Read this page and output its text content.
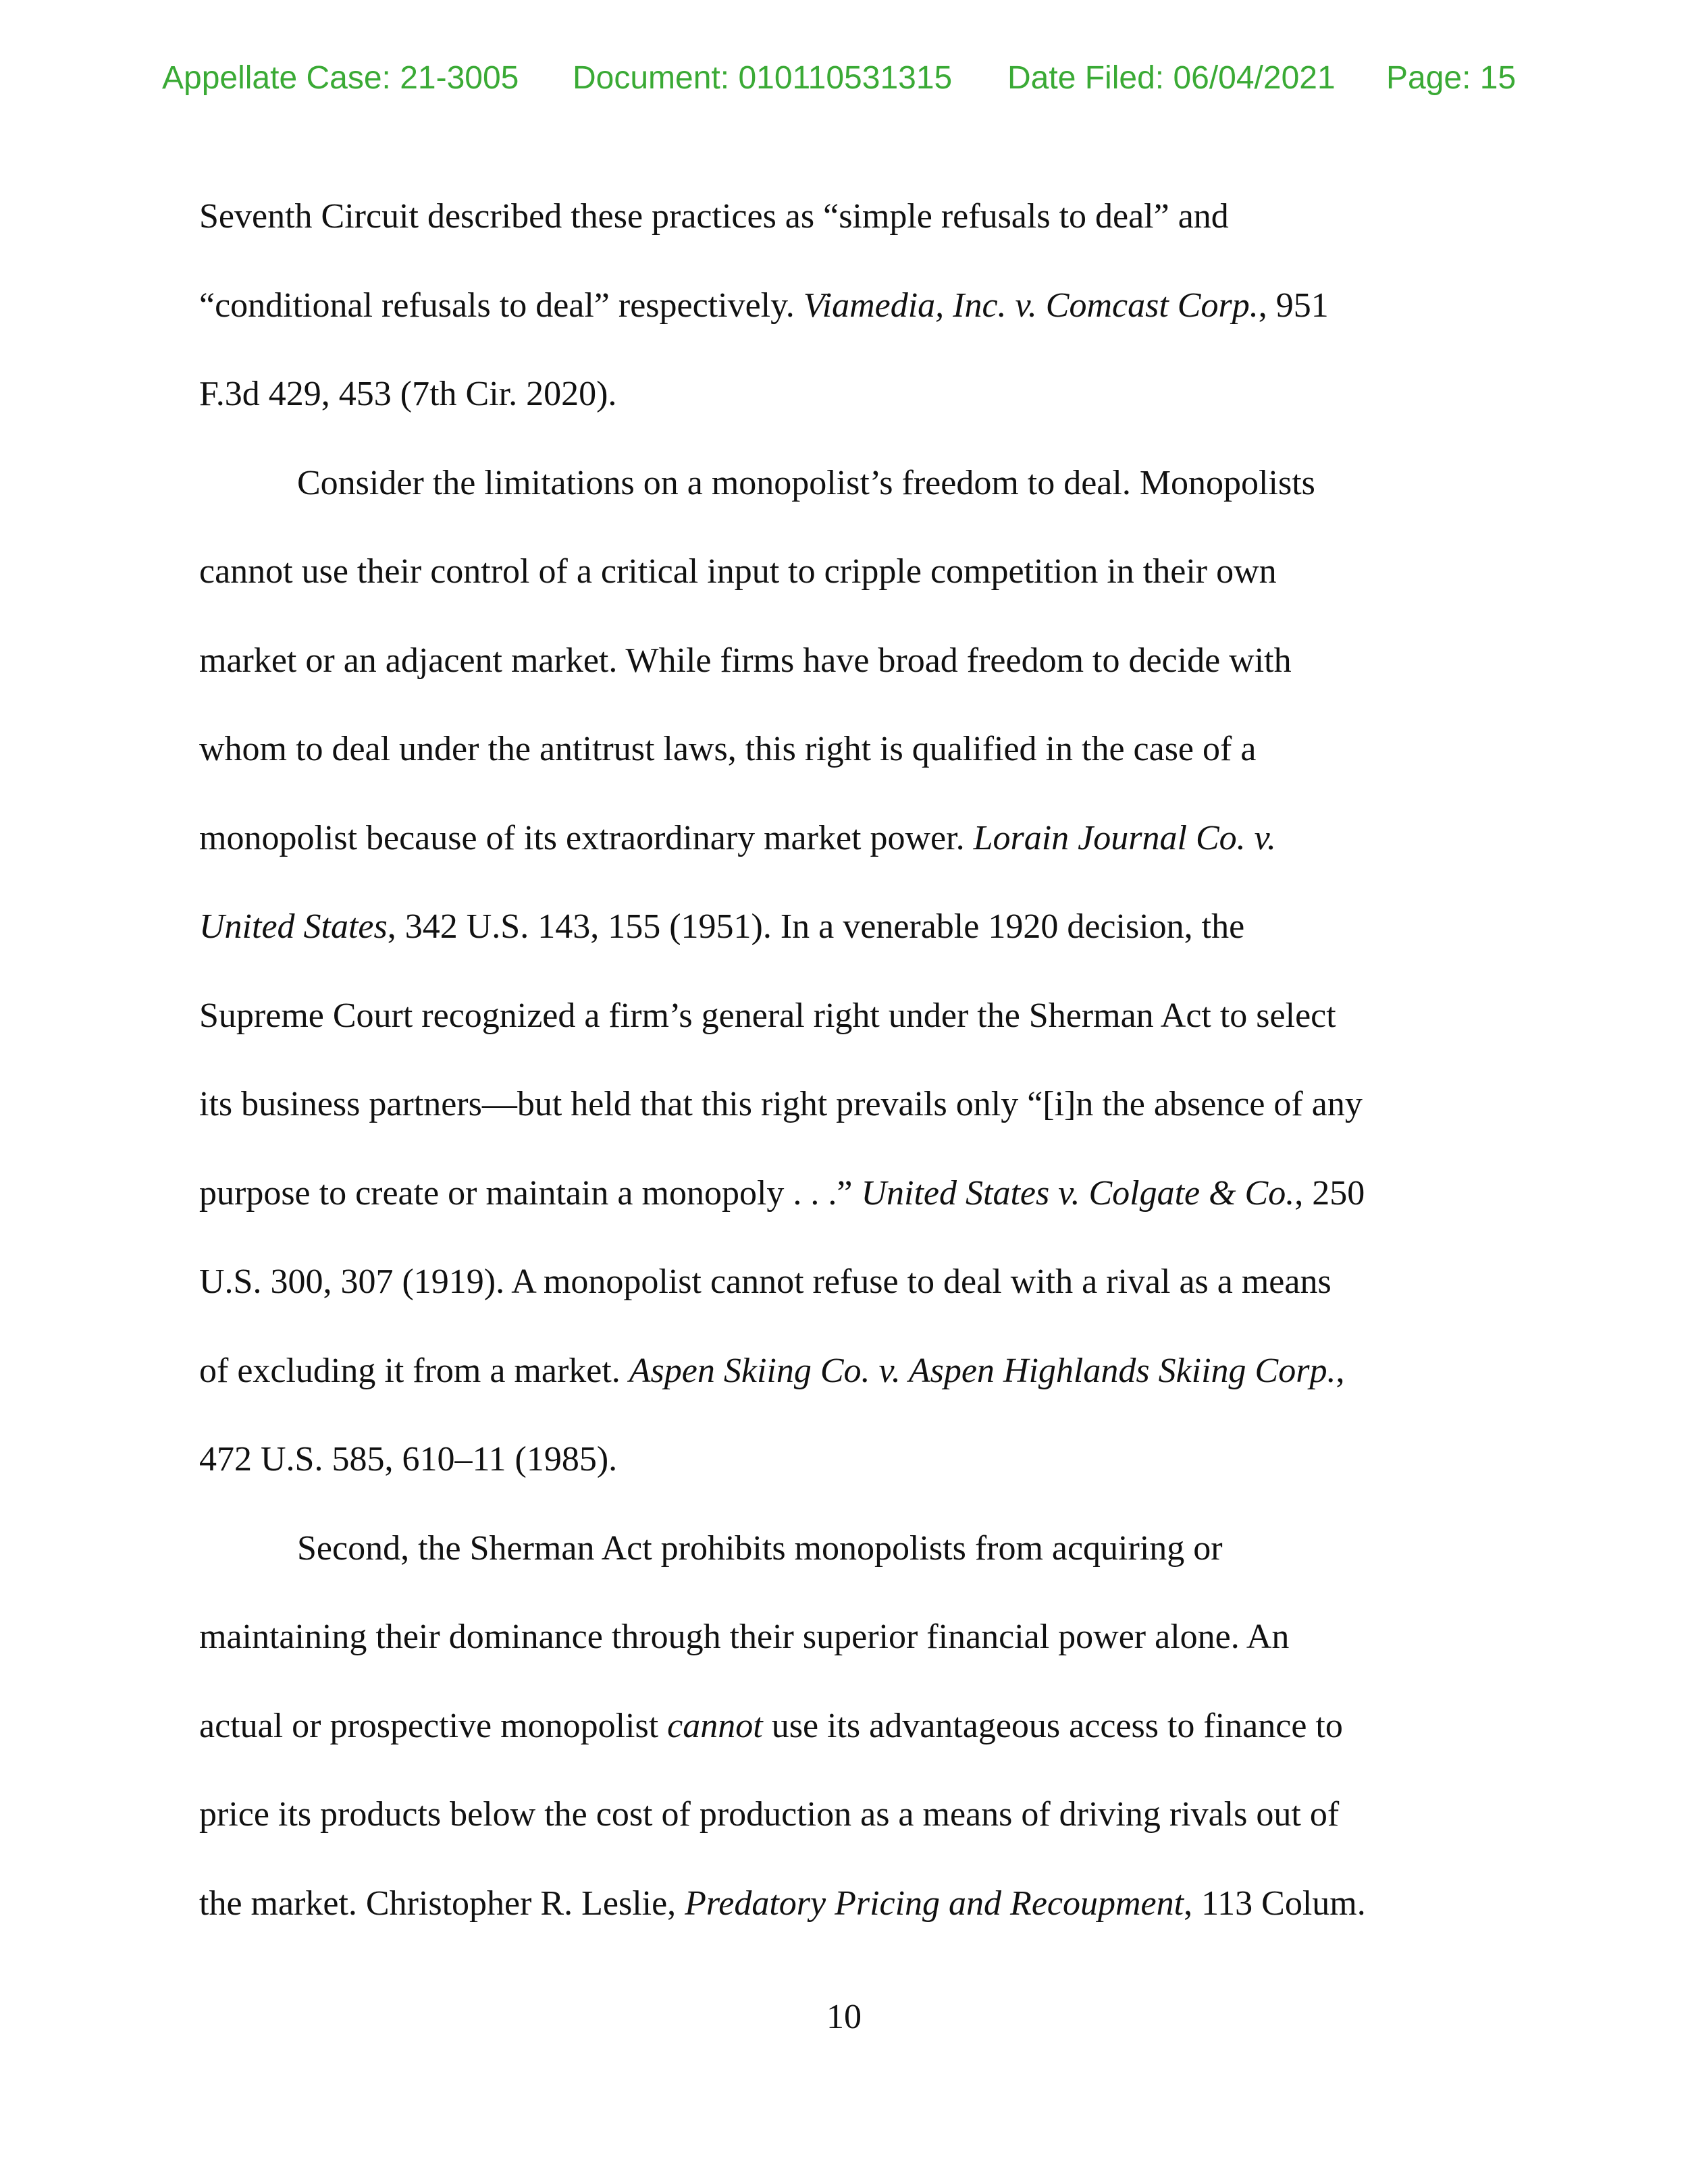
Appellate Case: 21-3005 Document: 010110531315 Date Filed: 06/04/2021 Page: 15
Seventh Circuit described these practices as “simple refusals to deal” and
“conditional refusals to deal” respectively. Viamedia, Inc. v. Comcast Corp., 951
F.3d 429, 453 (7th Cir. 2020).
Consider the limitations on a monopolist’s freedom to deal. Monopolists
cannot use their control of a critical input to cripple competition in their own
market or an adjacent market. While firms have broad freedom to decide with
whom to deal under the antitrust laws, this right is qualified in the case of a
monopolist because of its extraordinary market power. Lorain Journal Co. v.
United States, 342 U.S. 143, 155 (1951). In a venerable 1920 decision, the
Supreme Court recognized a firm’s general right under the Sherman Act to select
its business partners—but held that this right prevails only “[i]n the absence of any
purpose to create or maintain a monopoly . . .” United States v. Colgate & Co., 250
U.S. 300, 307 (1919). A monopolist cannot refuse to deal with a rival as a means
of excluding it from a market. Aspen Skiing Co. v. Aspen Highlands Skiing Corp.,
472 U.S. 585, 610–11 (1985).
Second, the Sherman Act prohibits monopolists from acquiring or
maintaining their dominance through their superior financial power alone. An
actual or prospective monopolist cannot use its advantageous access to finance to
price its products below the cost of production as a means of driving rivals out of
the market. Christopher R. Leslie, Predatory Pricing and Recoupment, 113 Colum.
10
